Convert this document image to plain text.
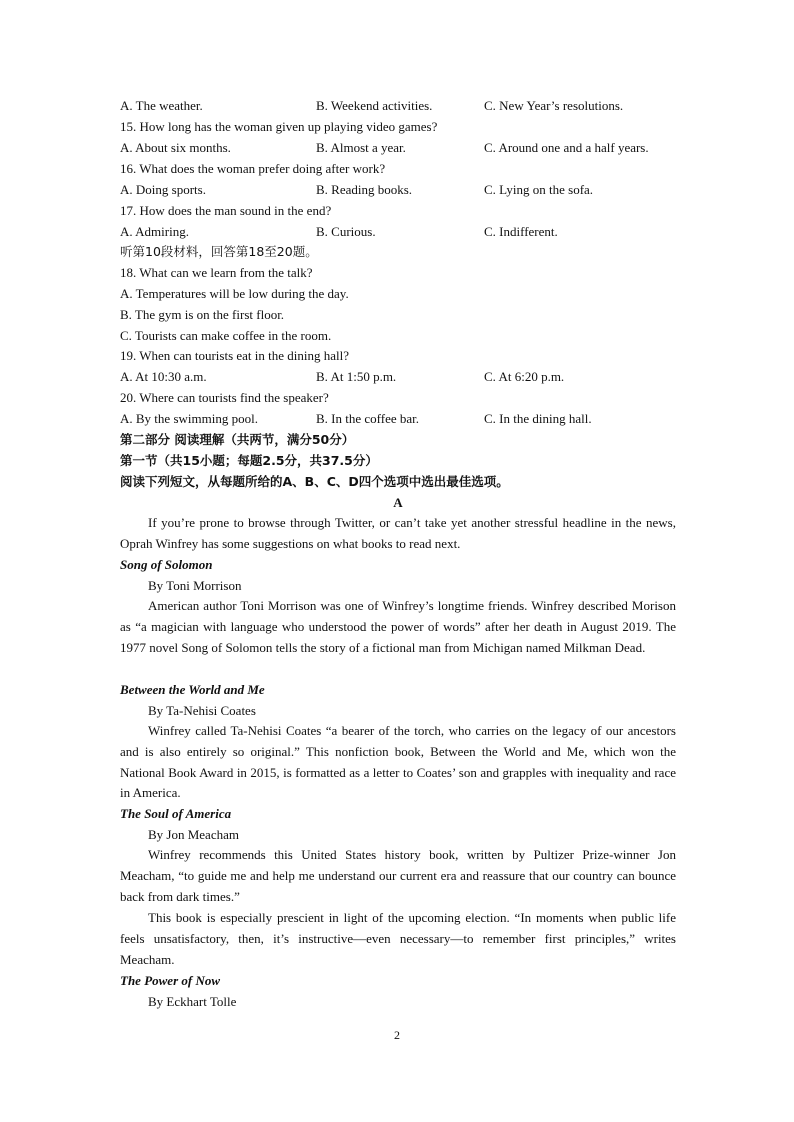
A. The weather.	B. Weekend activities.	C. New Year’s resolutions.
15. How long has the woman given up playing video games?
A. About six months.	B. Almost a year.	C. Around one and a half years.
16. What does the woman prefer doing after work?
A. Doing sports.	B. Reading books.	C. Lying on the sofa.
17. How does the man sound in the end?
A. Admiring.	B. Curious.	C. Indifferent.
听第10段材料，回答第18至20题。
18. What can we learn from the talk?
A. Temperatures will be low during the day.
B. The gym is on the first floor.
C. Tourists can make coffee in the room.
19. When can tourists eat in the dining hall?
A. At 10:30 a.m.	B. At 1:50 p.m.	C. At 6:20 p.m.
20. Where can tourists find the speaker?
A. By the swimming pool.	B. In the coffee bar.	C. In the dining hall.
第二部分 阅读理解（共两节，满分50分）
第一节（共15小题；每题2.5分，共37.5分）
阅读下列短文，从每题所给的A、B、C、D四个选项中选出最佳选项。
A

If you’re prone to browse through Twitter, or can’t take yet another stressful headline in the news, Oprah Winfrey has some suggestions on what books to read next.

Song of Solomon
By Toni Morrison

American author Toni Morrison was one of Winfrey’s longtime friends. Winfrey described Morison as “a magician with language who understood the power of words” after her death in August 2019. The 1977 novel Song of Solomon tells the story of a fictional man from Michigan named Milkman Dead.

Between the World and Me
By Ta-Nehisi Coates

Winfrey called Ta-Nehisi Coates “a bearer of the torch, who carries on the legacy of our ancestors and is also entirely so original.” This nonfiction book, Between the World and Me, which won the National Book Award in 2015, is formatted as a letter to Coates’ son and grapples with inequality and race in America.

The Soul of America
By Jon Meacham

Winfrey recommends this United States history book, written by Pultizer Prize-winner Jon Meacham, “to guide me and help me understand our current era and reassure that our country can bounce back from dark times.”

This book is especially prescient in light of the upcoming election. “In moments when public life feels unsatisfactory, then, it’s instructive—even necessary—to remember first principles,” writes Meacham.

The Power of Now
By Eckhart Tolle
2
